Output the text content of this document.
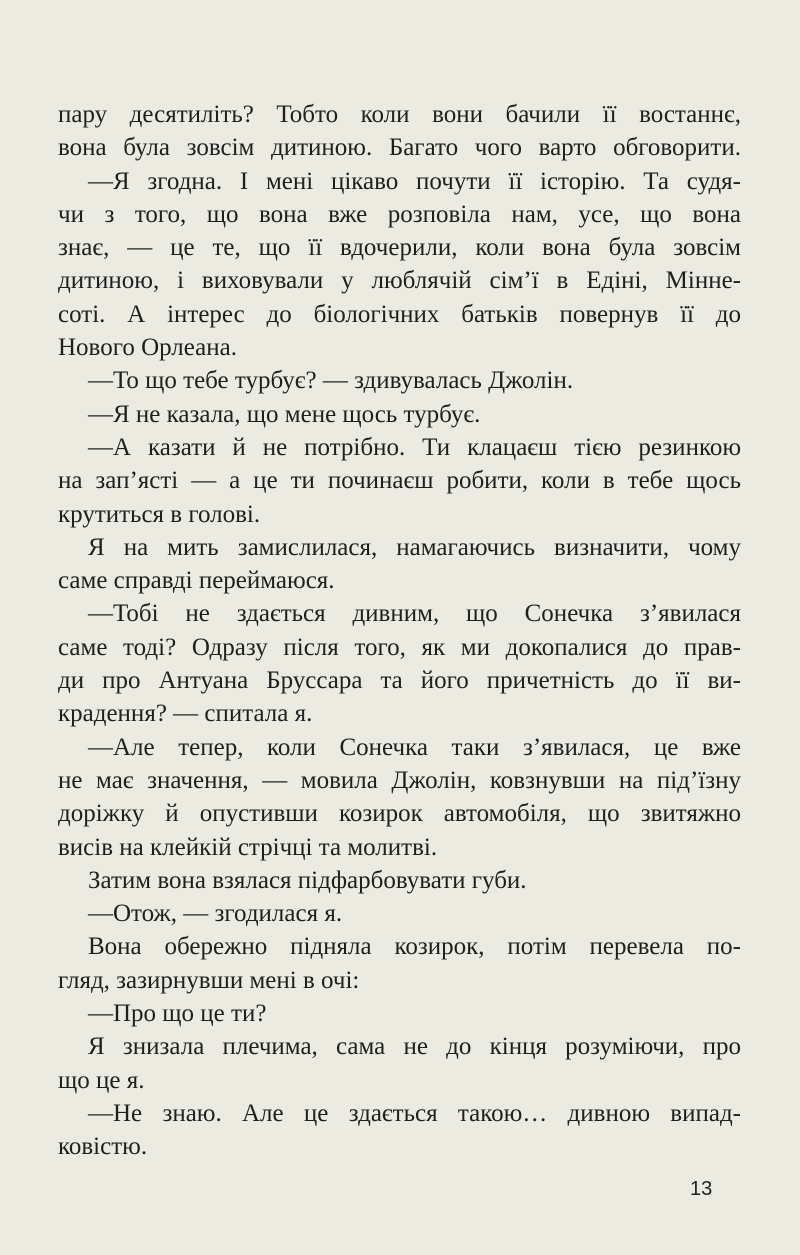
пару десятиліть? Тобто коли вони бачили її востаннє,
вона була зовсім дитиною. Багато чого варто обговорити.
—Я згодна. І мені цікаво почути її історію. Та судя-
чи з того, що вона вже розповіла нам, усе, що вона
знає, — це те, що її вдочерили, коли вона була зовсім
дитиною, і виховували у люблячій сім’ї в Едіні, Мінне-
соті. А інтерес до біологічних батьків повернув її до
Нового Орлеана.
—То що тебе турбує? — здивувалась Джолін.
—Я не казала, що мене щось турбує.
—А казати й не потрібно. Ти клацаєш тією резинкою
на зап’ясті — а це ти починаєш робити, коли в тебе щось
крутиться в голові.
Я на мить замислилася, намагаючись визначити, чому
саме справді переймаюся.
—Тобі не здається дивним, що Сонечка з’явилася
саме тоді? Одразу після того, як ми докопалися до прав-
ди про Антуана Бруссара та його причетність до її ви-
крадення? — спитала я.
—Але тепер, коли Сонечка таки з’явилася, це вже
не має значення, — мовила Джолін, ковзнувши на під’їзну
доріжку й опустивши козирок автомобіля, що звитяжно
висів на клейкій стрічці та молитві.
Затим вона взялася підфарбовувати губи.
—Отож, — згодилася я.
Вона обережно підняла козирок, потім перевела по-
гляд, зазирнувши мені в очі:
—Про що це ти?
Я знизала плечима, сама не до кінця розуміючи, про
що це я.
—Не знаю. Але це здається такою… дивною випад-
ковістю.
13
